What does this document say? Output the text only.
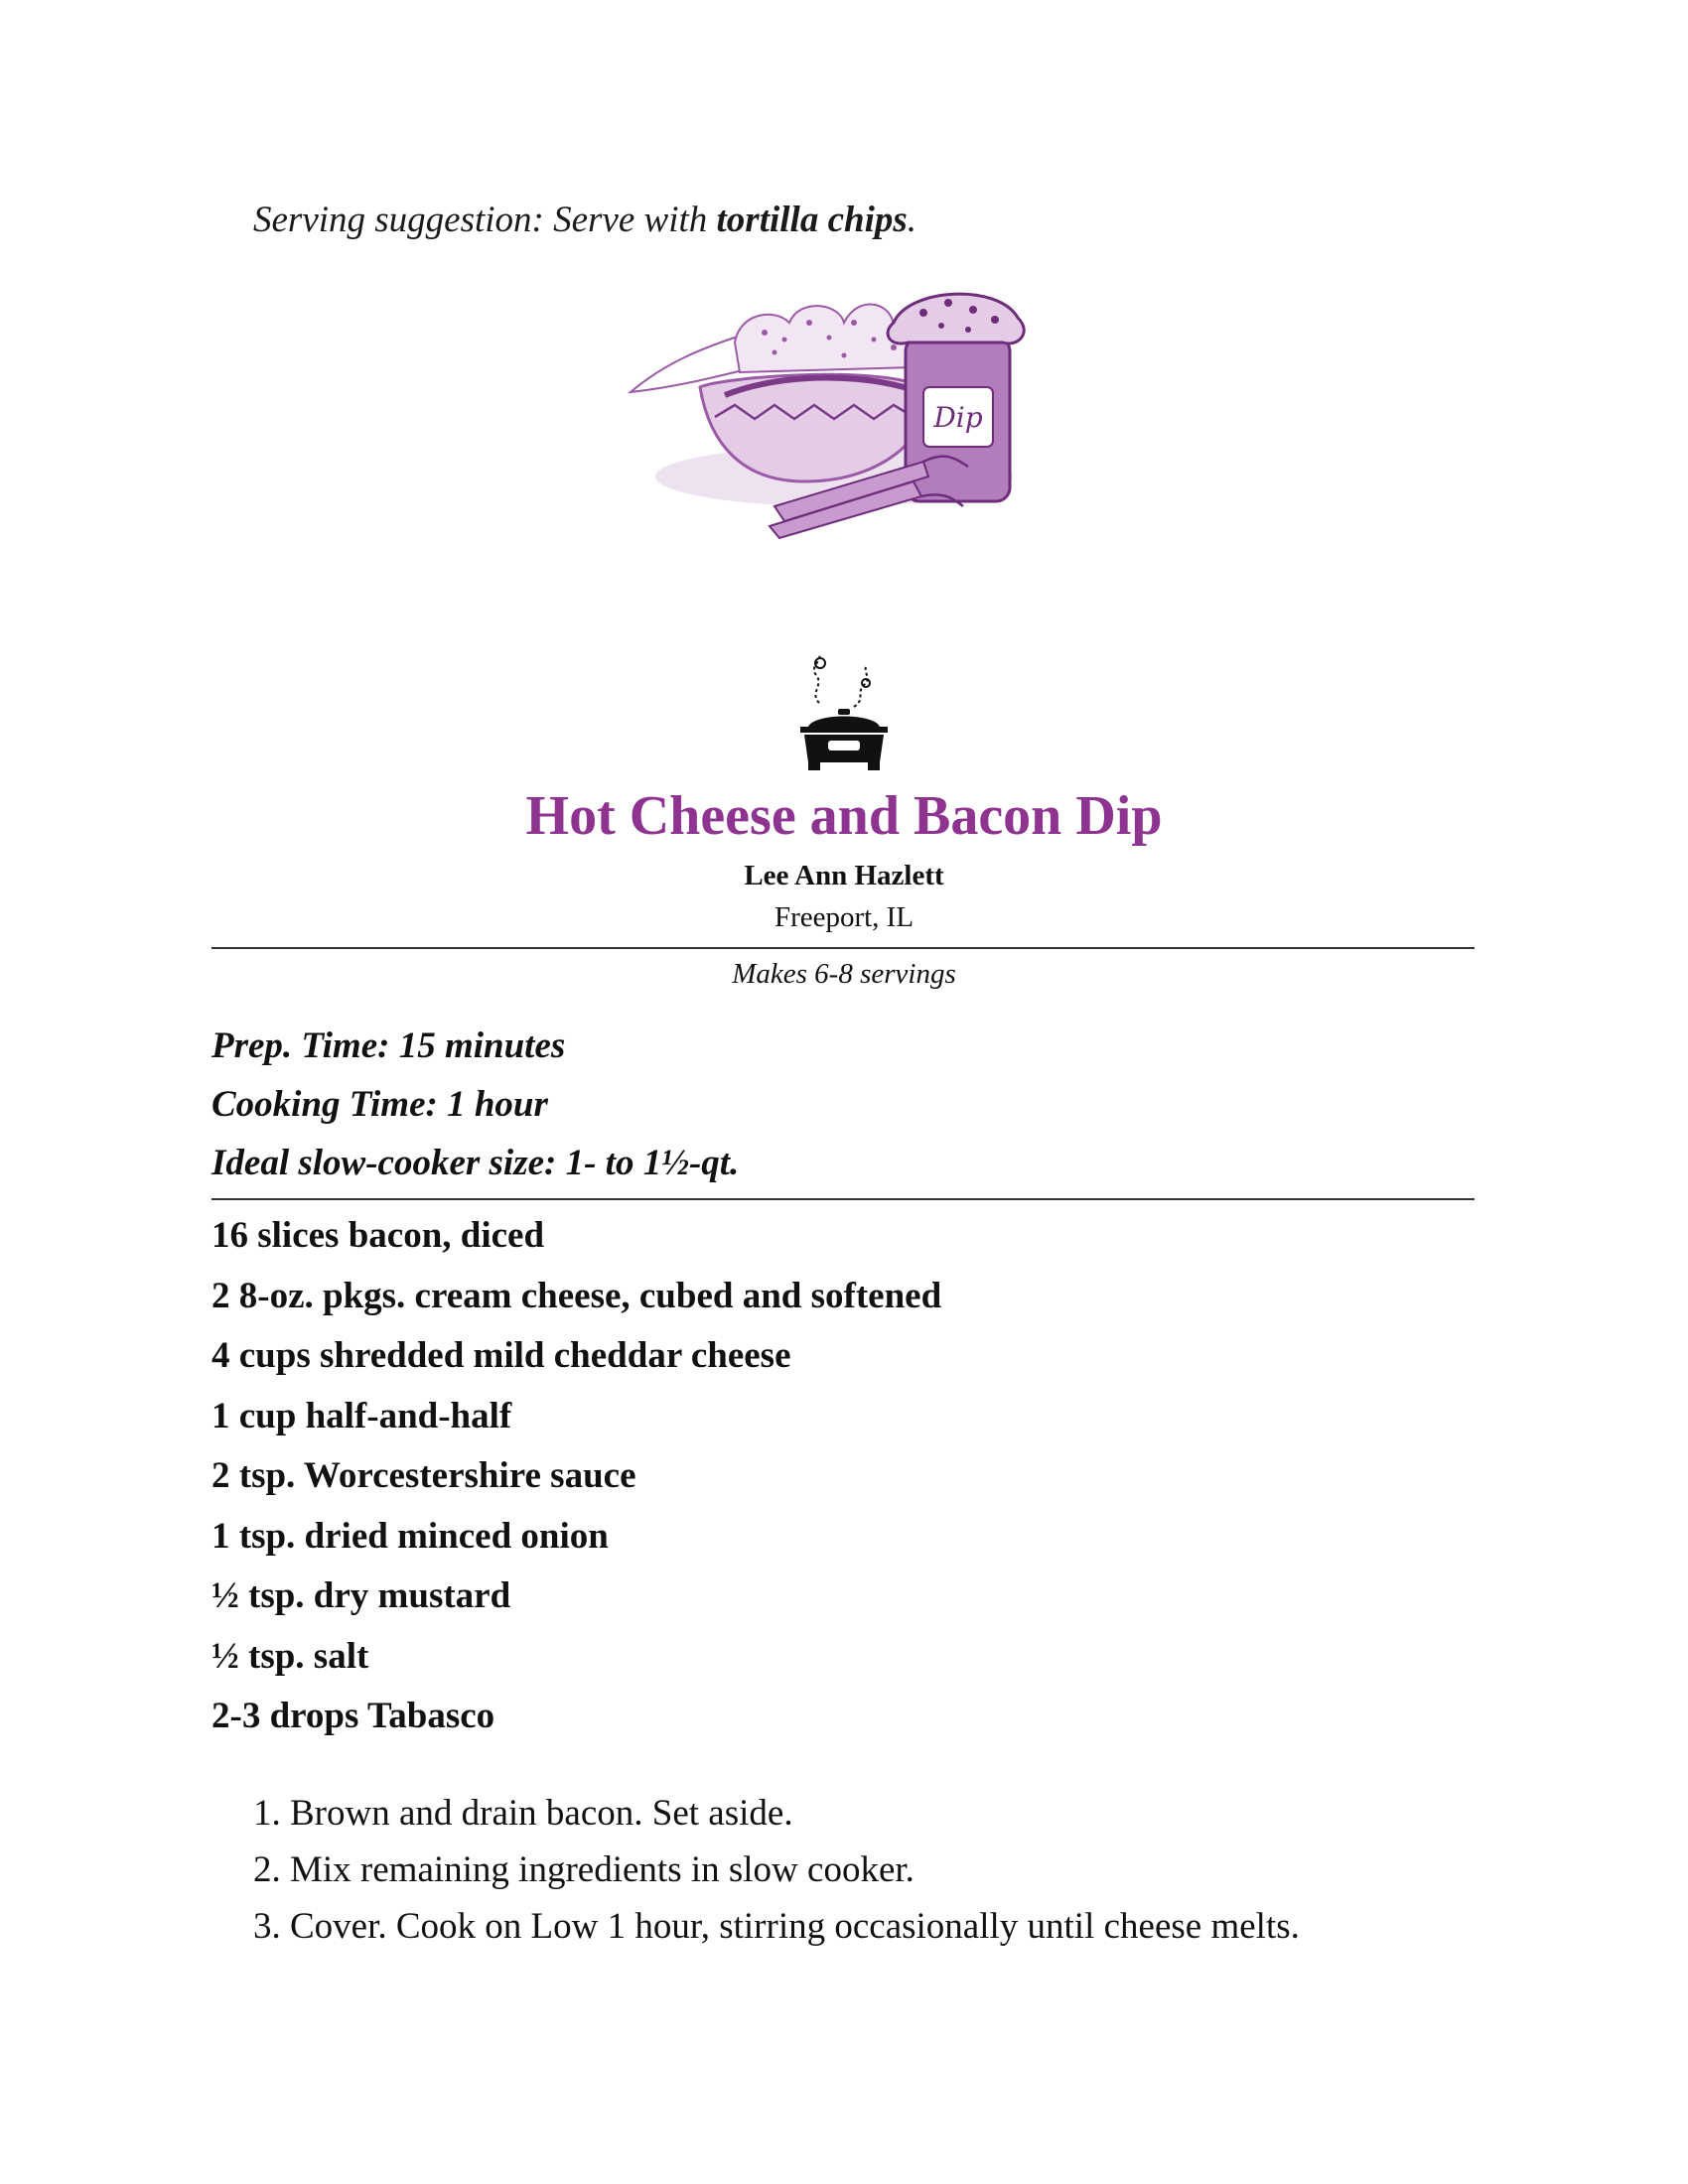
Serving suggestion: Serve with tortilla chips.
Dip
Hot Cheese and Bacon Dip
Lee Ann Hazlett
Freeport, IL
Makes 6-8 servings
Prep. Time: 15 minutes
Cooking Time: 1 hour
Ideal slow-cooker size: 1- to 1½-qt.
16 slices bacon, diced
2 8-oz. pkgs. cream cheese, cubed and softened
4 cups shredded mild cheddar cheese
1 cup half-and-half
2 tsp. Worcestershire sauce
1 tsp. dried minced onion
½ tsp. dry mustard
½ tsp. salt
2-3 drops Tabasco
1. Brown and drain bacon. Set aside.
2. Mix remaining ingredients in slow cooker.
3. Cover. Cook on Low 1 hour, stirring occasionally until cheese melts.
